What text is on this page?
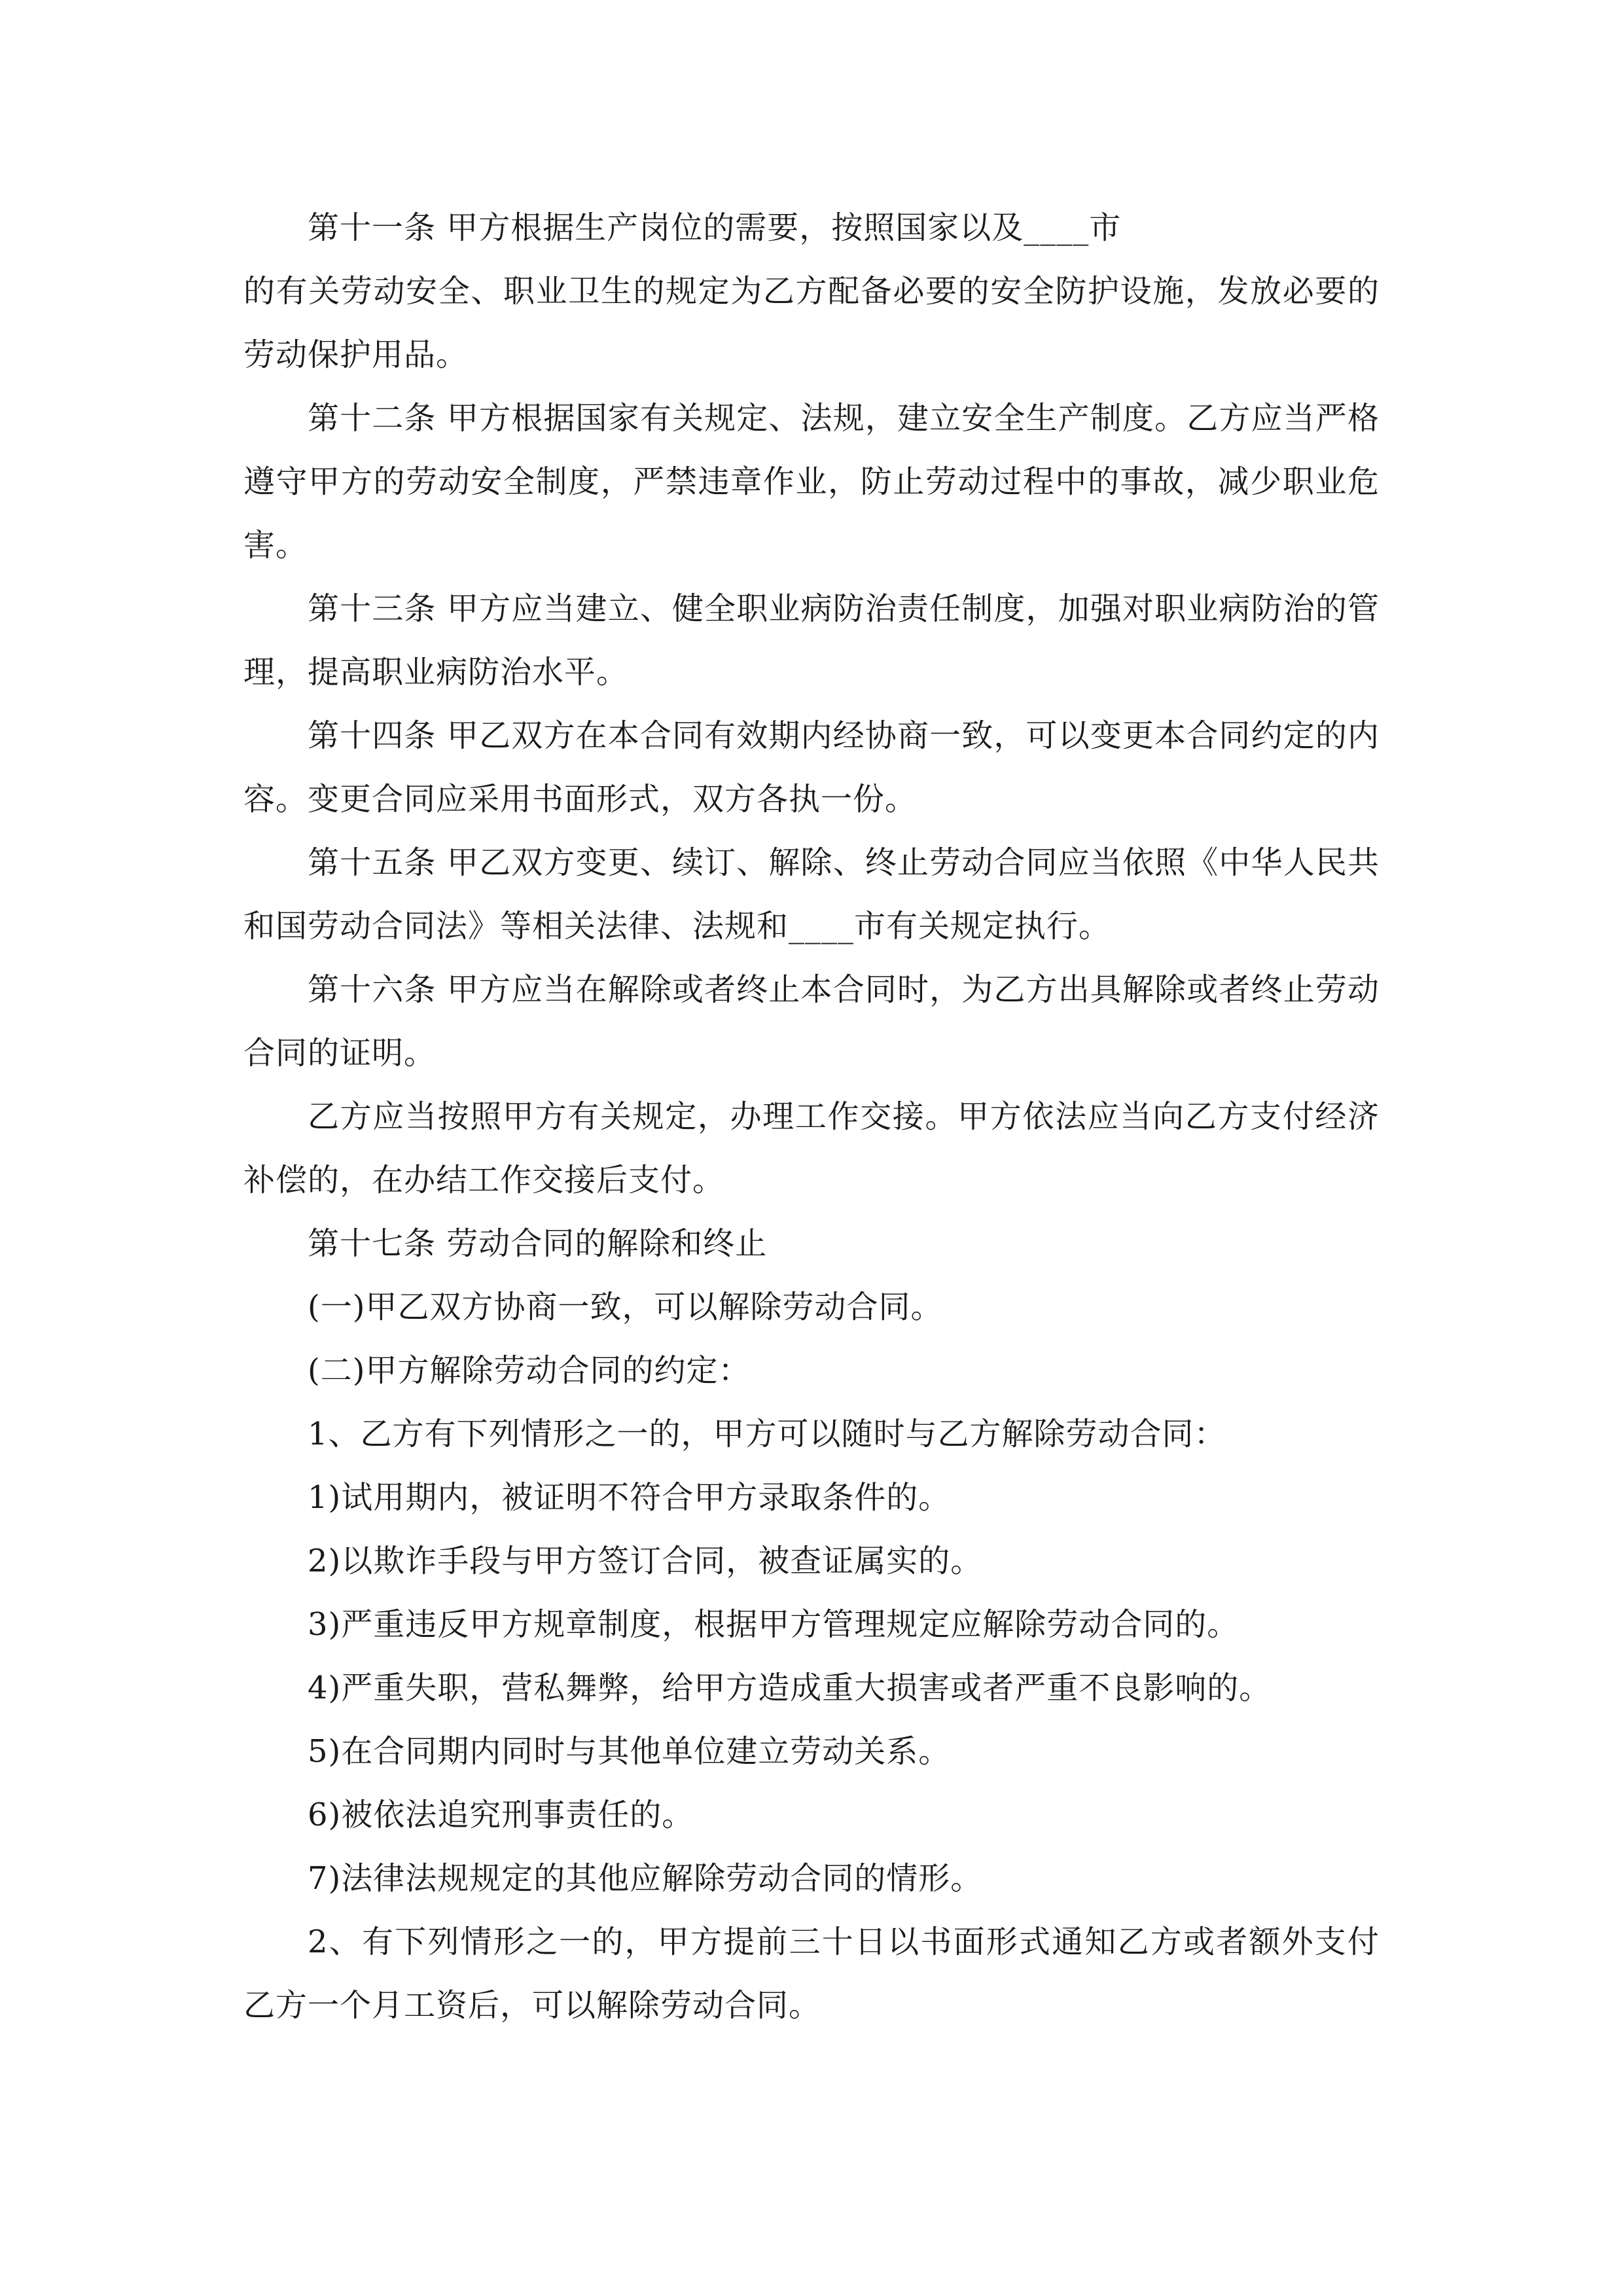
第十一条 甲方根据生产岗位的需要，按照国家以及____市

的有关劳动安全、职业卫生的规定为乙方配备必要的安全防护设施，发放必要的劳动保护用品。

第十二条 甲方根据国家有关规定、法规，建立安全生产制度。乙方应当严格遵守甲方的劳动安全制度，严禁违章作业，防止劳动过程中的事故，减少职业危害。

第十三条 甲方应当建立、健全职业病防治责任制度，加强对职业病防治的管理，提高职业病防治水平。

第十四条 甲乙双方在本合同有效期内经协商一致，可以变更本合同约定的内容。变更合同应采用书面形式，双方各执一份。

第十五条 甲乙双方变更、续订、解除、终止劳动合同应当依照《中华人民共和国劳动合同法》等相关法律、法规和____市有关规定执行。

第十六条 甲方应当在解除或者终止本合同时，为乙方出具解除或者终止劳动合同的证明。

乙方应当按照甲方有关规定，办理工作交接。甲方依法应当向乙方支付经济补偿的，在办结工作交接后支付。

第十七条 劳动合同的解除和终止

(一)甲乙双方协商一致，可以解除劳动合同。

(二)甲方解除劳动合同的约定：

1、乙方有下列情形之一的，甲方可以随时与乙方解除劳动合同：

1)试用期内，被证明不符合甲方录取条件的。

2)以欺诈手段与甲方签订合同，被查证属实的。

3)严重违反甲方规章制度，根据甲方管理规定应解除劳动合同的。

4)严重失职，营私舞弊，给甲方造成重大损害或者严重不良影响的。

5)在合同期内同时与其他单位建立劳动关系。

6)被依法追究刑事责任的。

7)法律法规规定的其他应解除劳动合同的情形。

2、有下列情形之一的，甲方提前三十日以书面形式通知乙方或者额外支付乙方一个月工资后，可以解除劳动合同。
